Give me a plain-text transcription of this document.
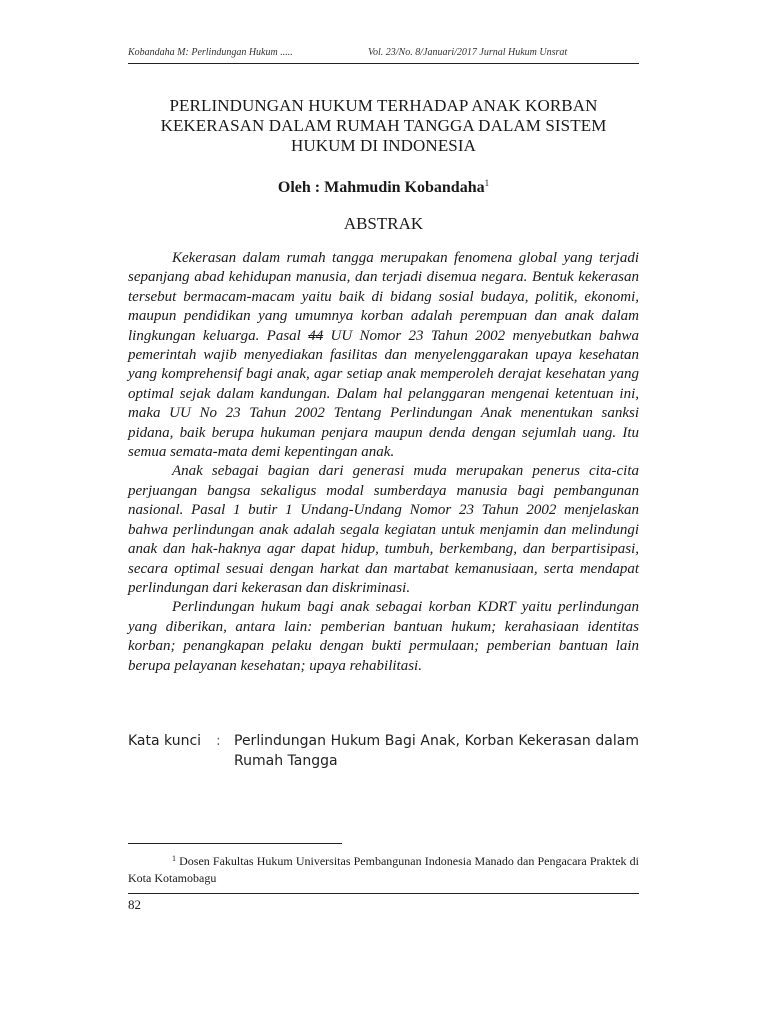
Kobandaha M: Perlindungan Hukum .....	Vol. 23/No. 8/Januari/2017 Jurnal Hukum Unsrat
PERLINDUNGAN HUKUM TERHADAP ANAK KORBAN
KEKERASAN DALAM RUMAH TANGGA DALAM SISTEM
HUKUM DI INDONESIA
Oleh : Mahmudin Kobandaha$^1$
ABSTRAK

Kekerasan dalam rumah tangga merupakan fenomena global yang terjadi sepanjang abad kehidupan manusia, dan terjadi disemua negara. Bentuk kekerasan tersebut bermacam-macam yaitu baik di bidang sosial budaya, politik, ekonomi, maupun pendidikan yang umumnya korban adalah perempuan dan anak dalam lingkungan keluarga. Pasal 44 UU Nomor 23 Tahun 2002 menyebutkan bahwa pemerintah wajib menyediakan fasilitas dan menyelenggarakan upaya kesehatan yang komprehensif bagi anak, agar setiap anak memperoleh derajat kesehatan yang optimal sejak dalam kandungan. Dalam hal pelanggaran mengenai ketentuan ini, maka UU No 23 Tahun 2002 Tentang Perlindungan Anak menentukan sanksi pidana, baik berupa hukuman penjara maupun denda dengan sejumlah uang. Itu semua semata-mata demi kepentingan anak.

Anak sebagai bagian dari generasi muda merupakan penerus cita-cita perjuangan bangsa sekaligus modal sumberdaya manusia bagi pembangunan nasional. Pasal 1 butir 1 Undang-Undang Nomor 23 Tahun 2002 menjelaskan bahwa perlindungan anak adalah segala kegiatan untuk menjamin dan melindungi anak dan hak-haknya agar dapat hidup, tumbuh, berkembang, dan berpartisipasi, secara optimal sesuai dengan harkat dan martabat kemanusiaan, serta mendapat perlindungan dari kekerasan dan diskriminasi.

Perlindungan hukum bagi anak sebagai korban KDRT yaitu perlindungan yang diberikan, antara lain: pemberian bantuan hukum; kerahasiaan identitas korban; penangkapan pelaku dengan bukti permulaan; pemberian bantuan lain berupa pelayanan kesehatan; upaya rehabilitasi.

Kata kunci : Perlindungan Hukum Bagi Anak, Korban Kekerasan dalam Rumah Tangga
$^1$ Dosen Fakultas Hukum Universitas Pembangunan Indonesia Manado dan Pengacara Praktek di Kota Kotamobagu
82
